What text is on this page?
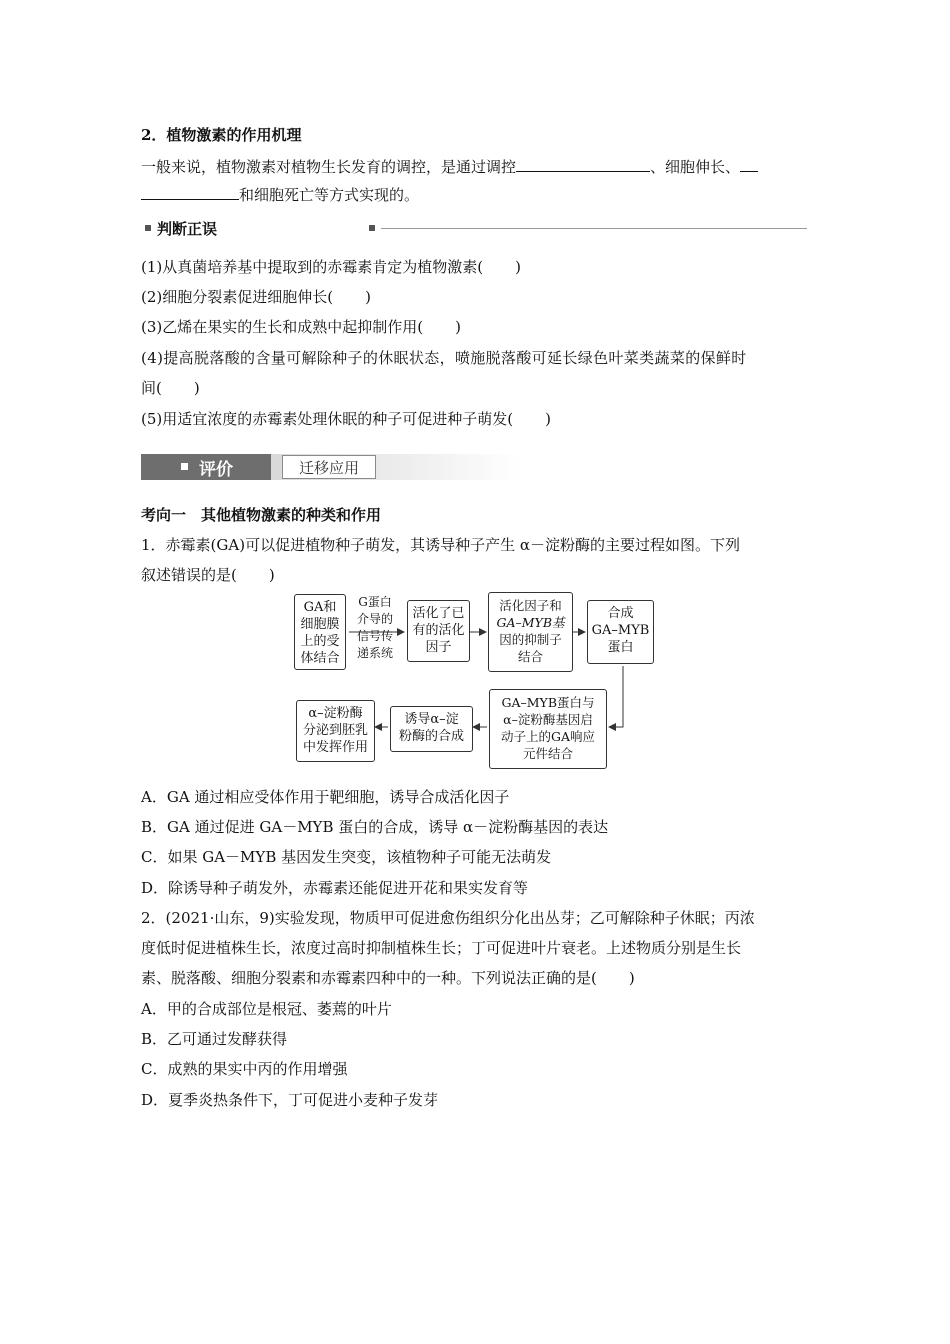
2．植物激素的作用机理
一般来说，植物激素对植物生长发育的调控，是通过调控	、细胞伸长、
和细胞死亡等方式实现的。
判断正误
(1)从真菌培养基中提取到的赤霉素肯定为植物激素( )
(2)细胞分裂素促进细胞伸长( )
(3)乙烯在果实的生长和成熟中起抑制作用( )
(4)提高脱落酸的含量可解除种子的休眠状态，喷施脱落酸可延长绿色叶菜类蔬菜的保鲜时
间( )
(5)用适宜浓度的赤霉素处理休眠的种子可促进种子萌发( )
评价	迁移应用
考向一　其他植物激素的种类和作用
1．赤霉素(GA)可以促进植物种子萌发，其诱导种子产生 α－淀粉酶的主要过程如图。下列
叙述错误的是( )
GA和
细胞膜
上的受
体结合
G蛋白
介导的
信号传
递系统
活化了已
有的活化
因子
活化因子和
GA–MYB基
因的抑制子
结合
合成
GA–MYB
蛋白
GA–MYB蛋白与
α–淀粉酶基因启
动子上的GA响应
元件结合
诱导α–淀
粉酶的合成
α–淀粉酶
分泌到胚乳
中发挥作用
A．GA 通过相应受体作用于靶细胞，诱导合成活化因子
B．GA 通过促进 GA－MYB 蛋白的合成，诱导 α－淀粉酶基因的表达
C．如果 GA－MYB 基因发生突变，该植物种子可能无法萌发
D．除诱导种子萌发外，赤霉素还能促进开花和果实发育等
2．(2021·山东，9)实验发现，物质甲可促进愈伤组织分化出丛芽；乙可解除种子休眠；丙浓
度低时促进植株生长，浓度过高时抑制植株生长；丁可促进叶片衰老。上述物质分别是生长
素、脱落酸、细胞分裂素和赤霉素四种中的一种。下列说法正确的是( )
A．甲的合成部位是根冠、萎蔫的叶片
B．乙可通过发酵获得
C．成熟的果实中丙的作用增强
D．夏季炎热条件下，丁可促进小麦种子发芽
